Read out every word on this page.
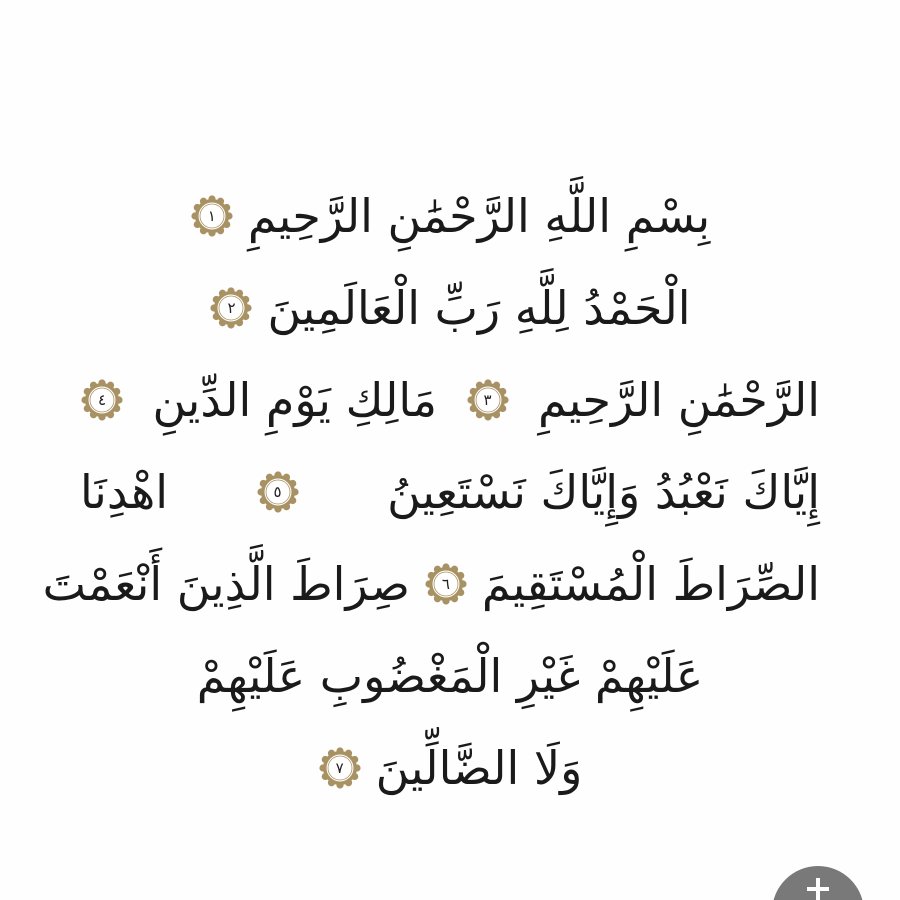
بِسْمِ اللَّهِ الرَّحْمَٰنِ الرَّحِيمِ
١
الْحَمْدُ لِلَّهِ رَبِّ الْعَالَمِينَ
٢
الرَّحْمَٰنِ الرَّحِيمِ
٣
مَالِكِ يَوْمِ الدِّينِ
٤
إِيَّاكَ نَعْبُدُ وَإِيَّاكَ نَسْتَعِينُ
٥
اهْدِنَا
الصِّرَاطَ الْمُسْتَقِيمَ
٦
صِرَاطَ الَّذِينَ أَنْعَمْتَ
عَلَيْهِمْ غَيْرِ الْمَغْضُوبِ عَلَيْهِمْ
وَلَا الضَّالِّينَ
٧
